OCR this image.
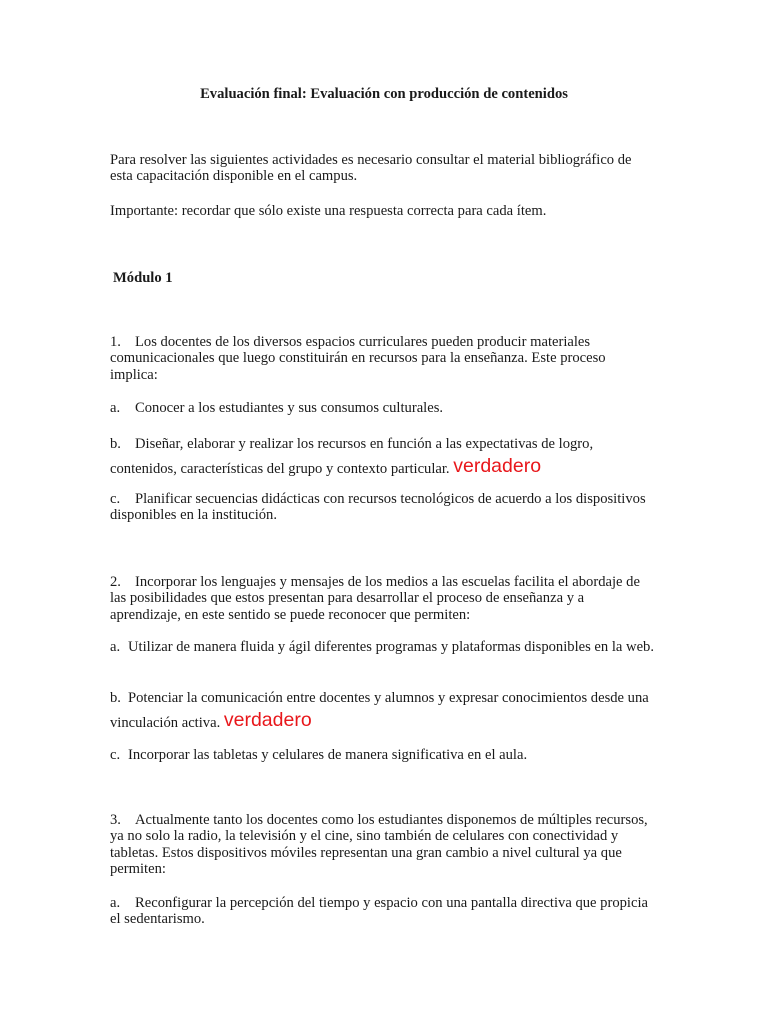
Evaluación final: Evaluación con producción de contenidos
Para resolver las siguientes actividades es necesario consultar el material bibliográfico de esta capacitación disponible en el campus.
Importante: recordar que sólo existe una respuesta correcta para cada ítem.
Módulo 1
1. Los docentes de los diversos espacios curriculares pueden producir materiales comunicacionales que luego constituirán en recursos para la enseñanza. Este proceso implica:
a. Conocer a los estudiantes y sus consumos culturales.
b. Diseñar, elaborar y realizar los recursos en función a las expectativas de logro, contenidos, características del grupo y contexto particular. verdadero
c. Planificar secuencias didácticas con recursos tecnológicos de acuerdo a los dispositivos disponibles en la institución.
2. Incorporar los lenguajes y mensajes de los medios a las escuelas facilita el abordaje de las posibilidades que estos presentan para desarrollar el proceso de enseñanza y a aprendizaje, en este sentido se puede reconocer que permiten:
a. Utilizar de manera fluida y ágil diferentes programas y plataformas disponibles en la web.
b. Potenciar la comunicación entre docentes y alumnos y expresar conocimientos desde una vinculación activa. verdadero
c. Incorporar las tabletas y celulares de manera significativa en el aula.
3. Actualmente tanto los docentes como los estudiantes disponemos de múltiples recursos, ya no solo la radio, la televisión y el cine, sino también de celulares con conectividad y tabletas. Estos dispositivos móviles representan una gran cambio a nivel cultural ya que permiten:
a. Reconfigurar la percepción del tiempo y espacio con una pantalla directiva que propicia el sedentarismo.
